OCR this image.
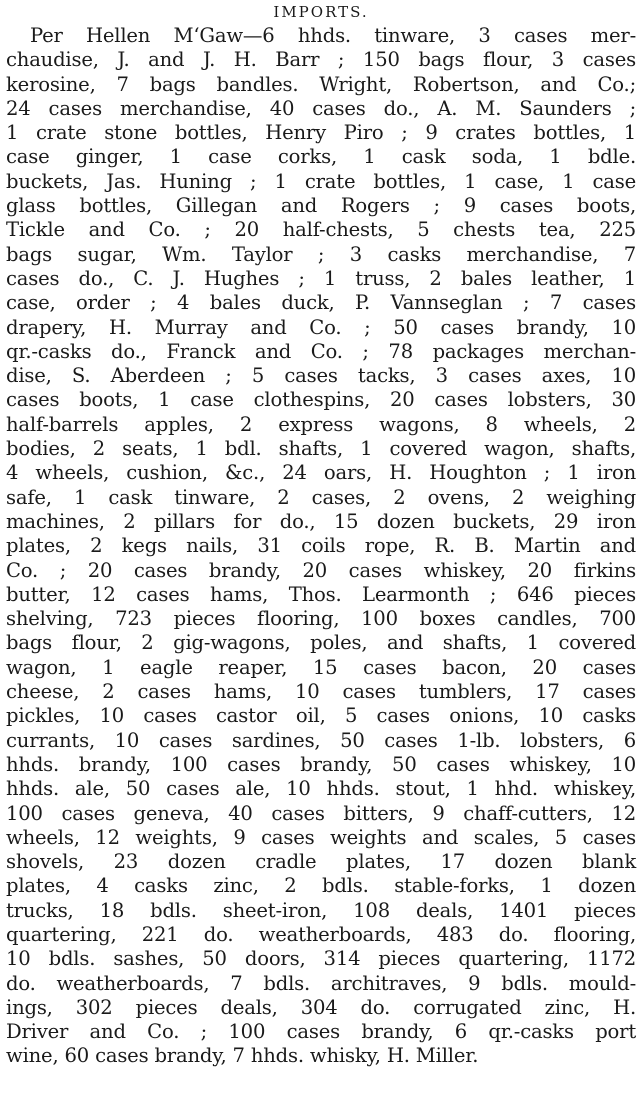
IMPORTS.
Per Hellen M‘Gaw—6 hhds. tinware, 3 cases mer-
chaudise, J. and J. H. Barr ; 150 bags flour, 3 cases
kerosine, 7 bags bandles. Wright, Robertson, and Co.;
24 cases merchandise, 40 cases do., A. M. Saunders ;
1 crate stone bottles, Henry Piro ; 9 crates bottles, 1
case ginger, 1 case corks, 1 cask soda, 1 bdle.
buckets, Jas. Huning ; 1 crate bottles, 1 case, 1 case
glass bottles, Gillegan and Rogers ; 9 cases boots,
Tickle and Co. ; 20 half-chests, 5 chests tea, 225
bags sugar, Wm. Taylor ; 3 casks merchandise, 7
cases do., C. J. Hughes ; 1 truss, 2 bales leather, 1
case, order ; 4 bales duck, P. Vannseglan ; 7 cases
drapery, H. Murray and Co. ; 50 cases brandy, 10
qr.-casks do., Franck and Co. ; 78 packages merchan-
dise, S. Aberdeen ; 5 cases tacks, 3 cases axes, 10
cases boots, 1 case clothespins, 20 cases lobsters, 30
half-barrels apples, 2 express wagons, 8 wheels, 2
bodies, 2 seats, 1 bdl. shafts, 1 covered wagon, shafts,
4 wheels, cushion, &c., 24 oars, H. Houghton ; 1 iron
safe, 1 cask tinware, 2 cases, 2 ovens, 2 weighing
machines, 2 pillars for do., 15 dozen buckets, 29 iron
plates, 2 kegs nails, 31 coils rope, R. B. Martin and
Co. ; 20 cases brandy, 20 cases whiskey, 20 firkins
butter, 12 cases hams, Thos. Learmonth ; 646 pieces
shelving, 723 pieces flooring, 100 boxes candles, 700
bags flour, 2 gig-wagons, poles, and shafts, 1 covered
wagon, 1 eagle reaper, 15 cases bacon, 20 cases
cheese, 2 cases hams, 10 cases tumblers, 17 cases
pickles, 10 cases castor oil, 5 cases onions, 10 casks
currants, 10 cases sardines, 50 cases 1-lb. lobsters, 6
hhds. brandy, 100 cases brandy, 50 cases whiskey, 10
hhds. ale, 50 cases ale, 10 hhds. stout, 1 hhd. whiskey,
100 cases geneva, 40 cases bitters, 9 chaff-cutters, 12
wheels, 12 weights, 9 cases weights and scales, 5 cases
shovels, 23 dozen cradle plates, 17 dozen blank
plates, 4 casks zinc, 2 bdls. stable-forks, 1 dozen
trucks, 18 bdls. sheet-iron, 108 deals, 1401 pieces
quartering, 221 do. weatherboards, 483 do. flooring,
10 bdls. sashes, 50 doors, 314 pieces quartering, 1172
do. weatherboards, 7 bdls. architraves, 9 bdls. mould-
ings, 302 pieces deals, 304 do. corrugated zinc, H.
Driver and Co. ; 100 cases brandy, 6 qr.-casks port
wine, 60 cases brandy, 7 hhds. whisky, H. Miller.
